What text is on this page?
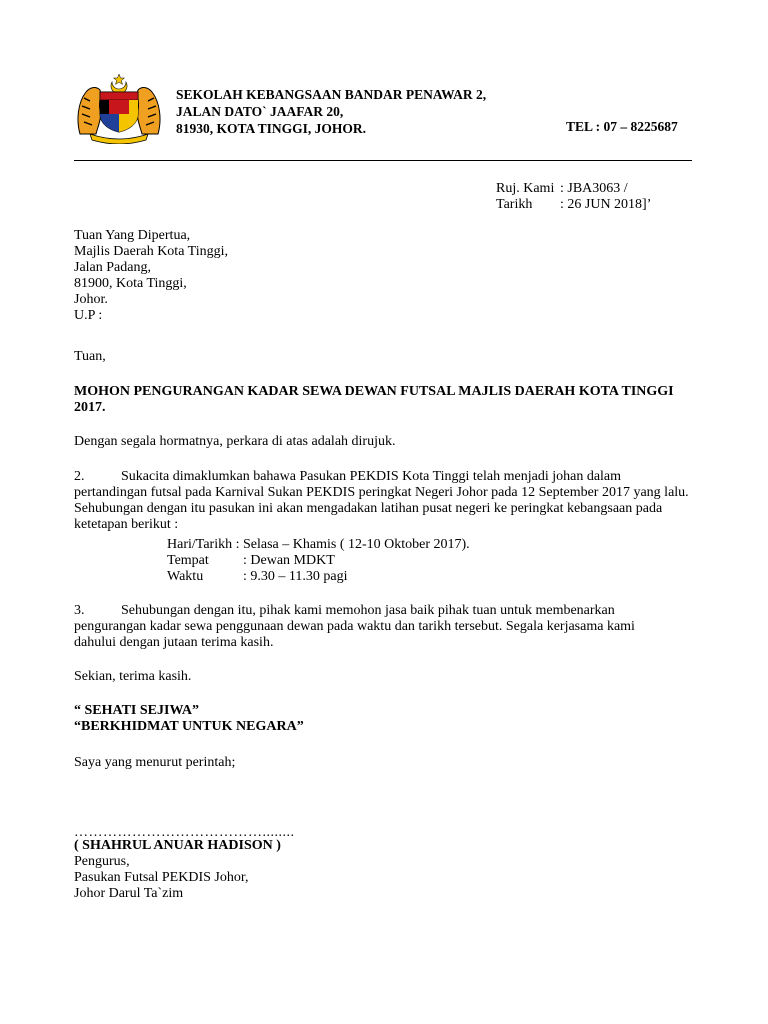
SEKOLAH KEBANGSAAN BANDAR PENAWAR 2,
JALAN DATO` JAAFAR 20,
81930, KOTA TINGGI, JOHOR.	TEL : 07 – 8225687
Ruj. Kami : JBA3063 /
Tarikh	: 26 JUN 2018]’
Tuan Yang Dipertua,
Majlis Daerah Kota Tinggi,
Jalan Padang,
81900, Kota Tinggi,
Johor.
U.P :
Tuan,
MOHON PENGURANGAN KADAR SEWA DEWAN FUTSAL MAJLIS DAERAH KOTA TINGGI 2017.
Dengan segala hormatnya, perkara di atas adalah dirujuk.
2.	Sukacita dimaklumkan bahawa Pasukan PEKDIS Kota Tinggi telah menjadi johan dalam pertandingan futsal pada Karnival Sukan PEKDIS peringkat Negeri Johor pada 12 September 2017 yang lalu. Sehubungan dengan itu pasukan ini akan mengadakan latihan pusat negeri ke peringkat kebangsaan pada ketetapan berikut :
Hari/Tarikh : Selasa – Khamis ( 12-10 Oktober 2017).
Tempat	: Dewan MDKT
Waktu	: 9.30 – 11.30 pagi
3.	Sehubungan dengan itu, pihak kami memohon jasa baik pihak tuan untuk membenarkan pengurangan kadar sewa penggunaan dewan pada waktu dan tarikh tersebut. Segala kerjasama kami dahului dengan jutaan terima kasih.
Sekian, terima kasih.
“ SEHATI SEJIWA”
“BERKHIDMAT UNTUK NEGARA”
Saya yang menurut perintah;
…………………………………........
( SHAHRUL ANUAR HADISON )
Pengurus,
Pasukan Futsal PEKDIS Johor,
Johor Darul Ta`zim
